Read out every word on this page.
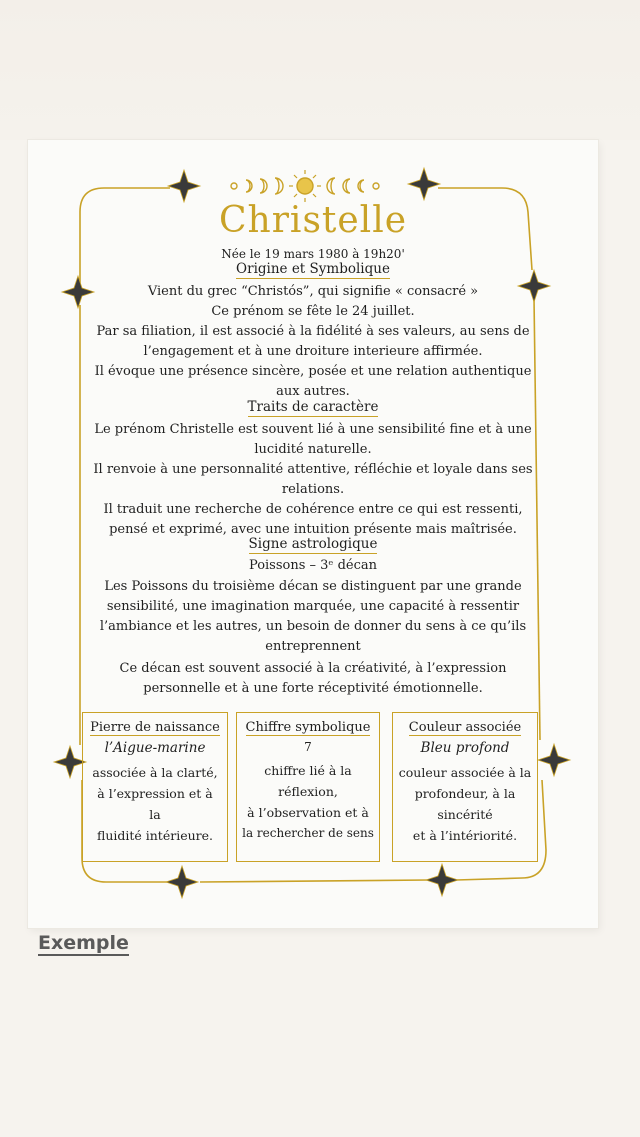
Christelle
Née le 19 mars 1980 à 19h20'
Origine et Symbolique
Vient du grec “Christós”, qui signifie « consacré »
Ce prénom se fête le 24 juillet.
Par sa filiation, il est associé à la fidélité à ses valeurs, au sens de
l’engagement et à une droiture interieure affirmée.
Il évoque une présence sincère, posée et une relation authentique
aux autres.
Traits de caractère
Le prénom Christelle est souvent lié à une sensibilité fine et à une
lucidité naturelle.
Il renvoie à une personnalité attentive, réfléchie et loyale dans ses
relations.
Il traduit une recherche de cohérence entre ce qui est ressenti,
pensé et exprimé, avec une intuition présente mais maîtrisée.
Signe astrologique
Poissons – 3ᵉ décan
Les Poissons du troisième décan se distinguent par une grande
sensibilité, une imagination marquée, une capacité à ressentir
l’ambiance et les autres, un besoin de donner du sens à ce qu’ils
entreprennent
Ce décan est souvent associé à la créativité, à l’expression
personnelle et à une forte réceptivité émotionnelle.
Pierre de naissance
l’Aigue-marine
associée à la clarté,
à l’expression et à
la
fluidité intérieure.
Chiffre symbolique
7
chiffre lié à la
réflexion,
à l’observation et à
la rechercher de sens
Couleur associée
Bleu profond
couleur associée à la
profondeur, à la
sincérité
et à l’intériorité.
Exemple
